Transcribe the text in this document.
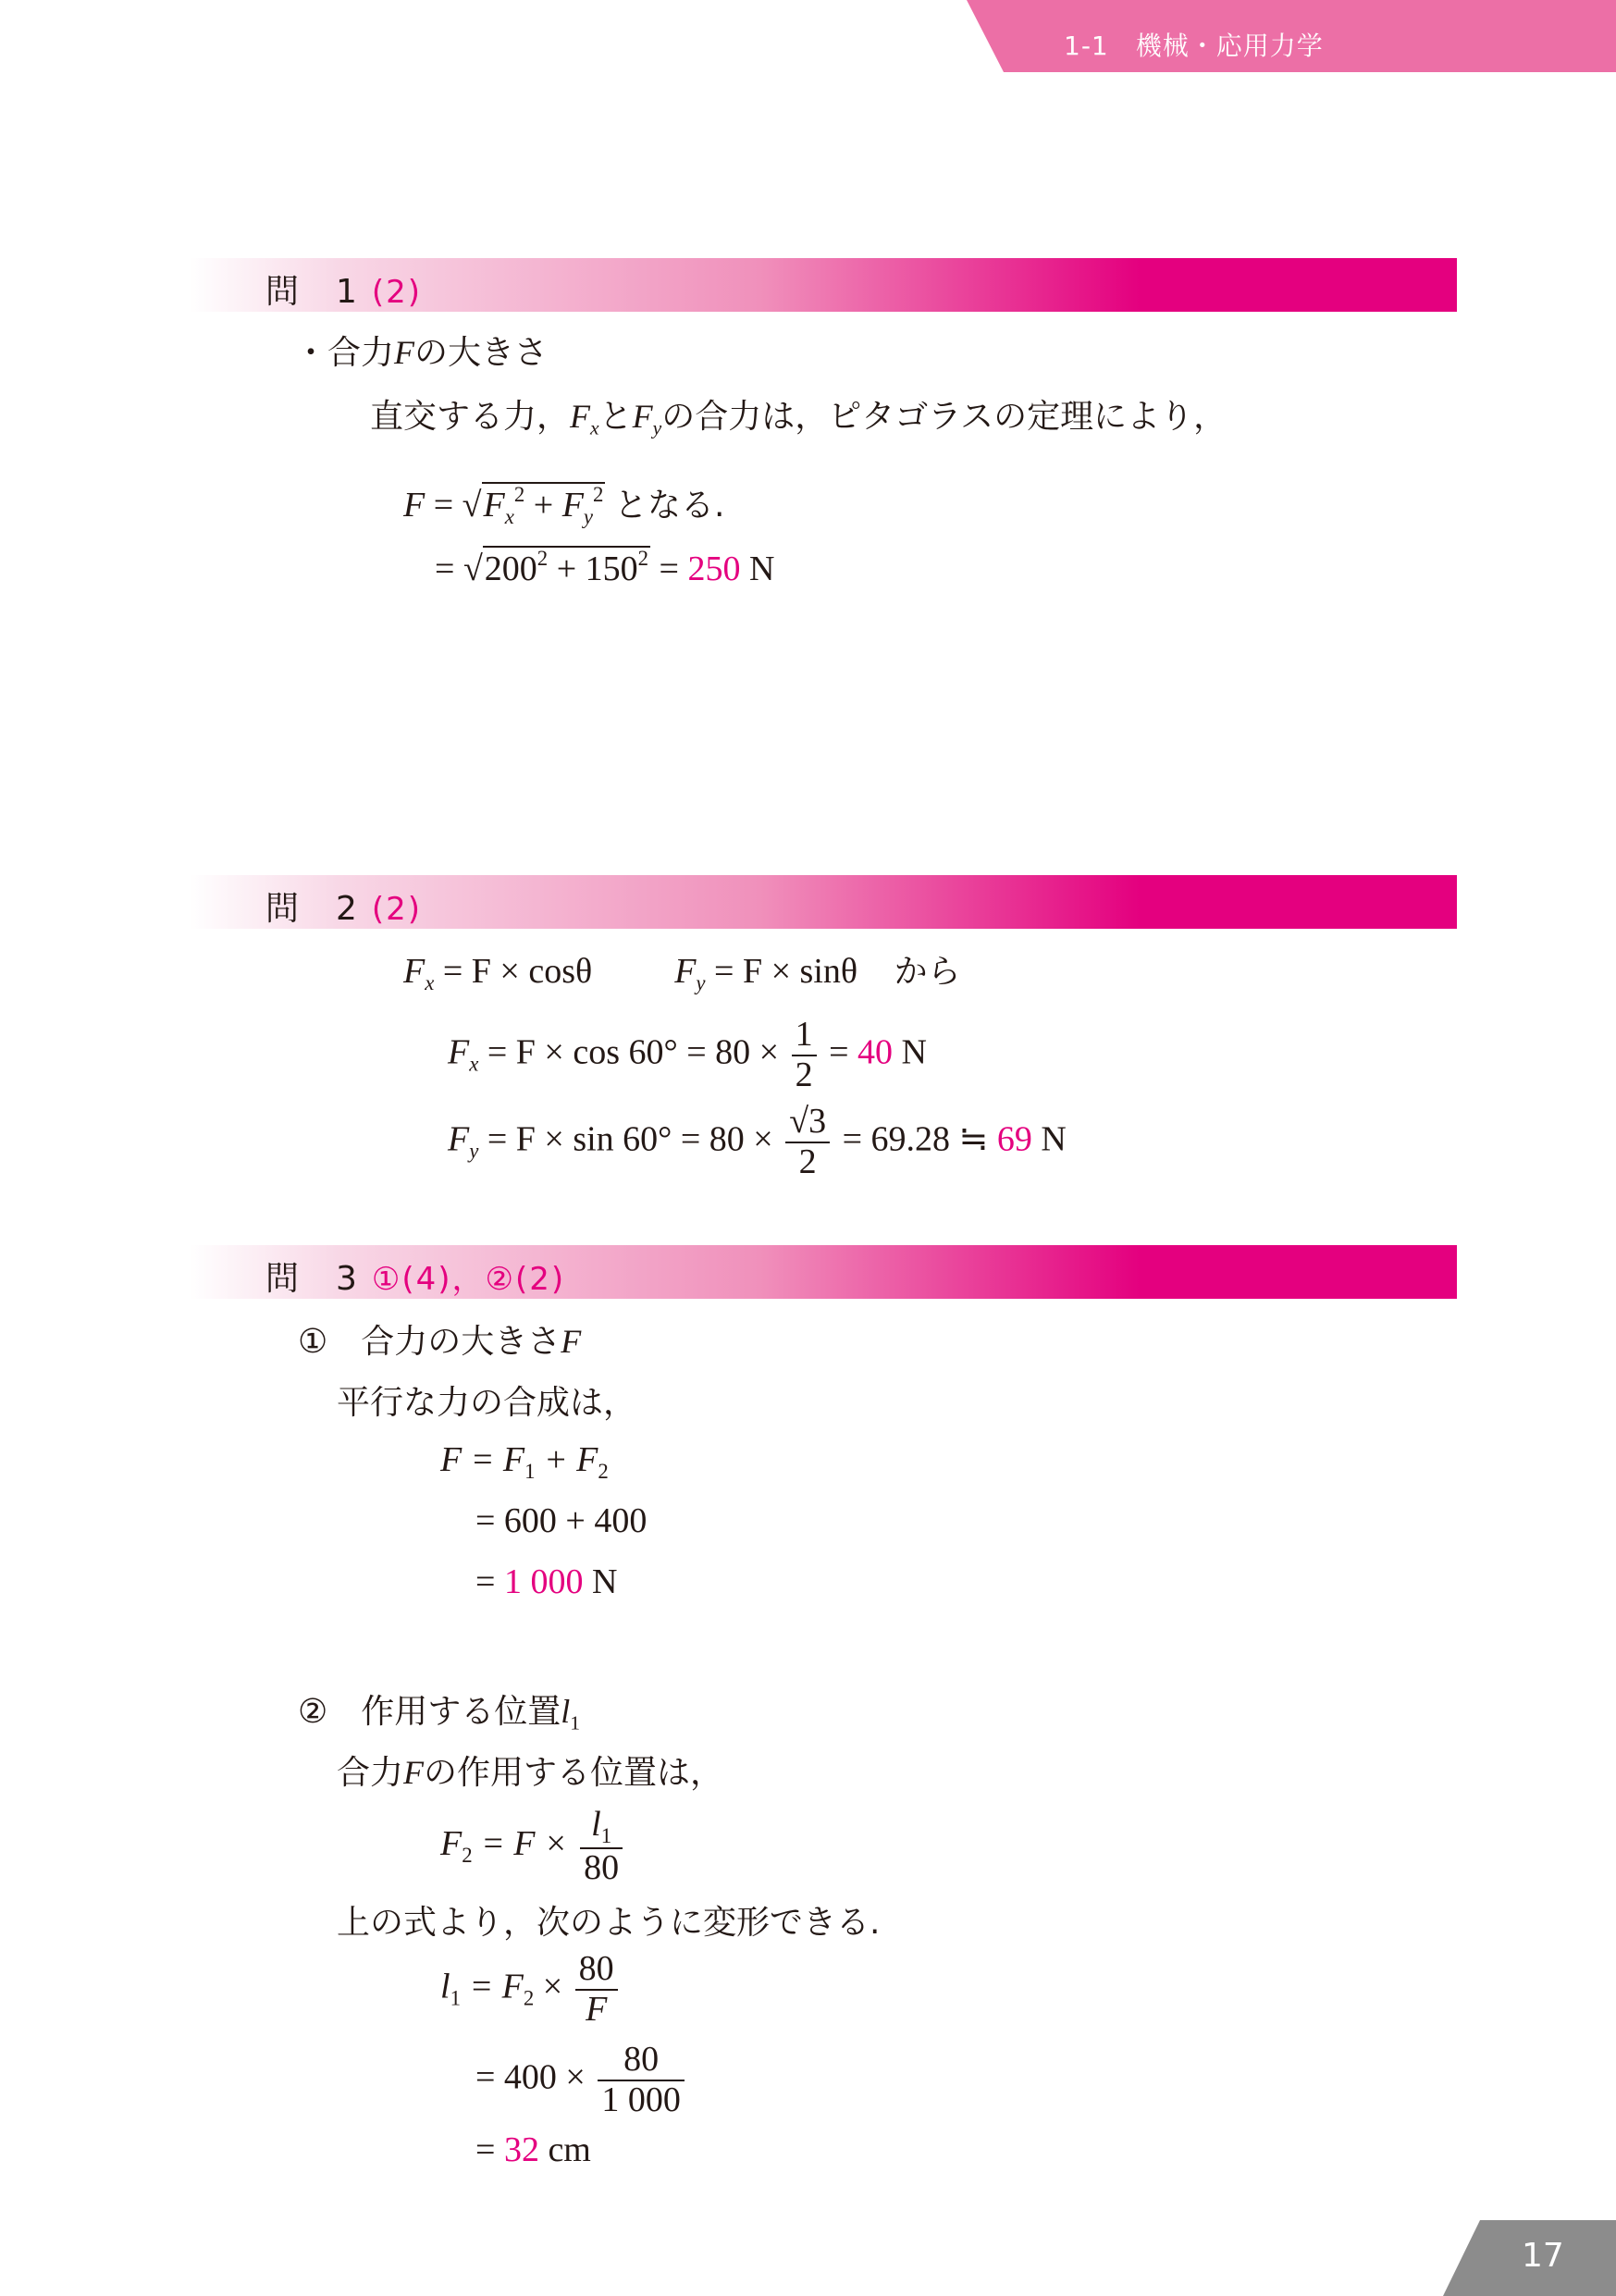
1-1　機械・応用力学
問　1 (2)
・合力Fの大きさ
直交する力，$F_x$と$F_y$の合力は，ピタゴラスの定理により，
$F = √F_x^2 + F_y^2$ となる.
= $√200^2 + 150^2 = 250$ N
問　2 (2)
$F_x = F \times \cos\theta$ $F_y = F \times \sin\theta$ から
$F_x = F \times \cos 60^\circ = 80 \times \frac{1}{2} = 40$ N
$F_y = F \times \sin 60^\circ = 80 \times \frac{√3}{2} = 69.28$ ≒ 69 N
問　3 ①(4)，②(2)
①　合力の大きさF
平行な力の合成は，
$F = F_1 + F_2$
= 600 + 400
= 1 000 N
②　作用する位置$l_1$
合力Fの作用する位置は，
$F_2 = F \times \frac{l_1}{80}$
上の式より，次のように変形できる.
$l_1 = F_2 \times \frac{80}{F}$
= $400 \times \frac{80}{1 000}$
= 32 cm
17
